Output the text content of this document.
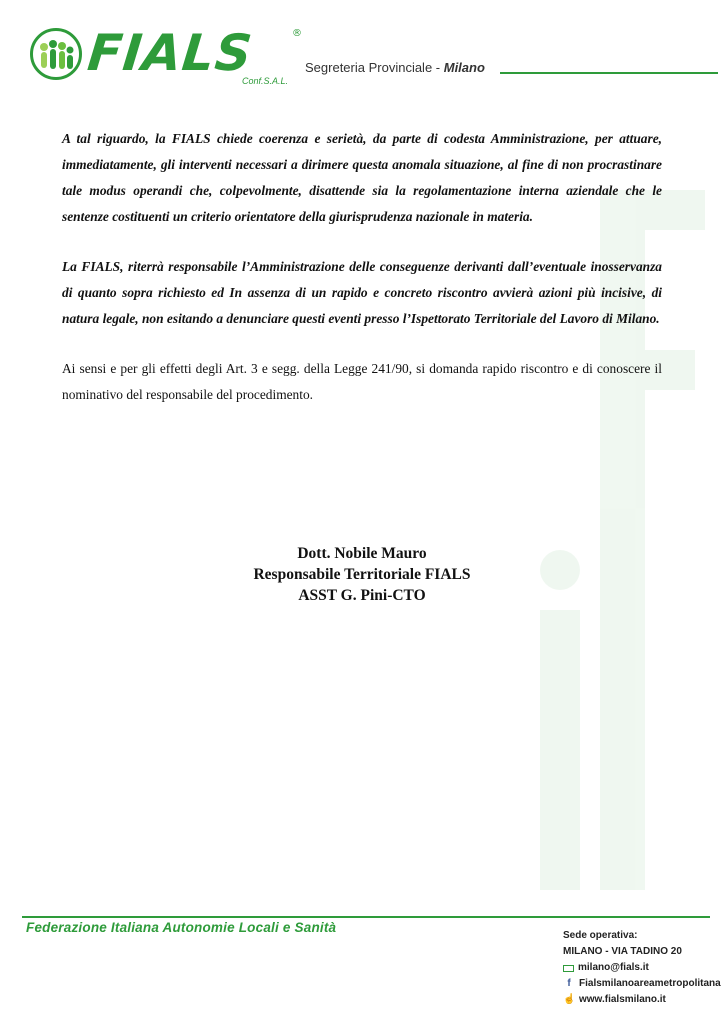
FIALS	®
Conf.S.A.L.
Segreteria Provinciale - Milano

A tal riguardo, la FIALS chiede coerenza e serietà, da parte di codesta Amministrazione, per attuare, immediatamente, gli interventi necessari a dirimere questa anomala situazione, al fine di non procrastinare tale modus operandi che, colpevolmente, disattende sia la regolamentazione interna aziendale che le sentenze costituenti un criterio orientatore della giurisprudenza nazionale in materia.

La FIALS, riterrà responsabile l’Amministrazione delle conseguenze derivanti dall’eventuale inosservanza di quanto sopra richiesto ed In assenza di un rapido e concreto riscontro avvierà azioni più incisive, di natura legale, non esitando a denunciare questi eventi presso l’Ispettorato Territoriale del Lavoro di Milano.

Ai sensi e per gli effetti degli Art. 3 e segg. della Legge 241/90, si domanda rapido riscontro e di conoscere il nominativo del responsabile del procedimento.

Dott. Nobile Mauro
Responsabile Territoriale FIALS
ASST G. Pini-CTO
Federazione Italiana Autonomie Locali e Sanità
Sede operativa:
MILANO - VIA TADINO 20
milano@fials.it
f Fialsmilanoareametropolitana
☝ www.fialsmilano.it
